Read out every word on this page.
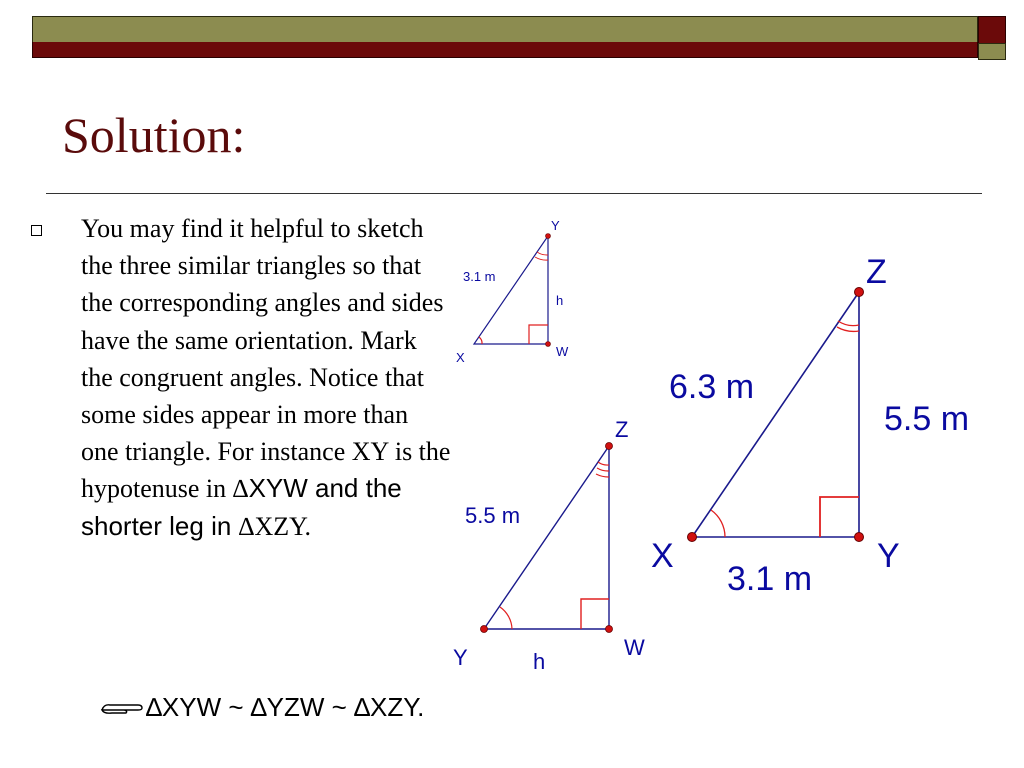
Solution:
You may find it helpful to sketch the three similar triangles so that the corresponding angles and sides have the same orientation. Mark the congruent angles. Notice that some sides appear in more than one triangle. For instance XY is the hypotenuse in ∆XYW and the shorter leg in ∆XZY.
∆XYW ~ ∆YZW ~ ∆XZY.
Y
W
X
3.1 m
h
Z
W
Y
5.5 m
h
Z
Y
X
6.3 m
5.5 m
3.1 m
